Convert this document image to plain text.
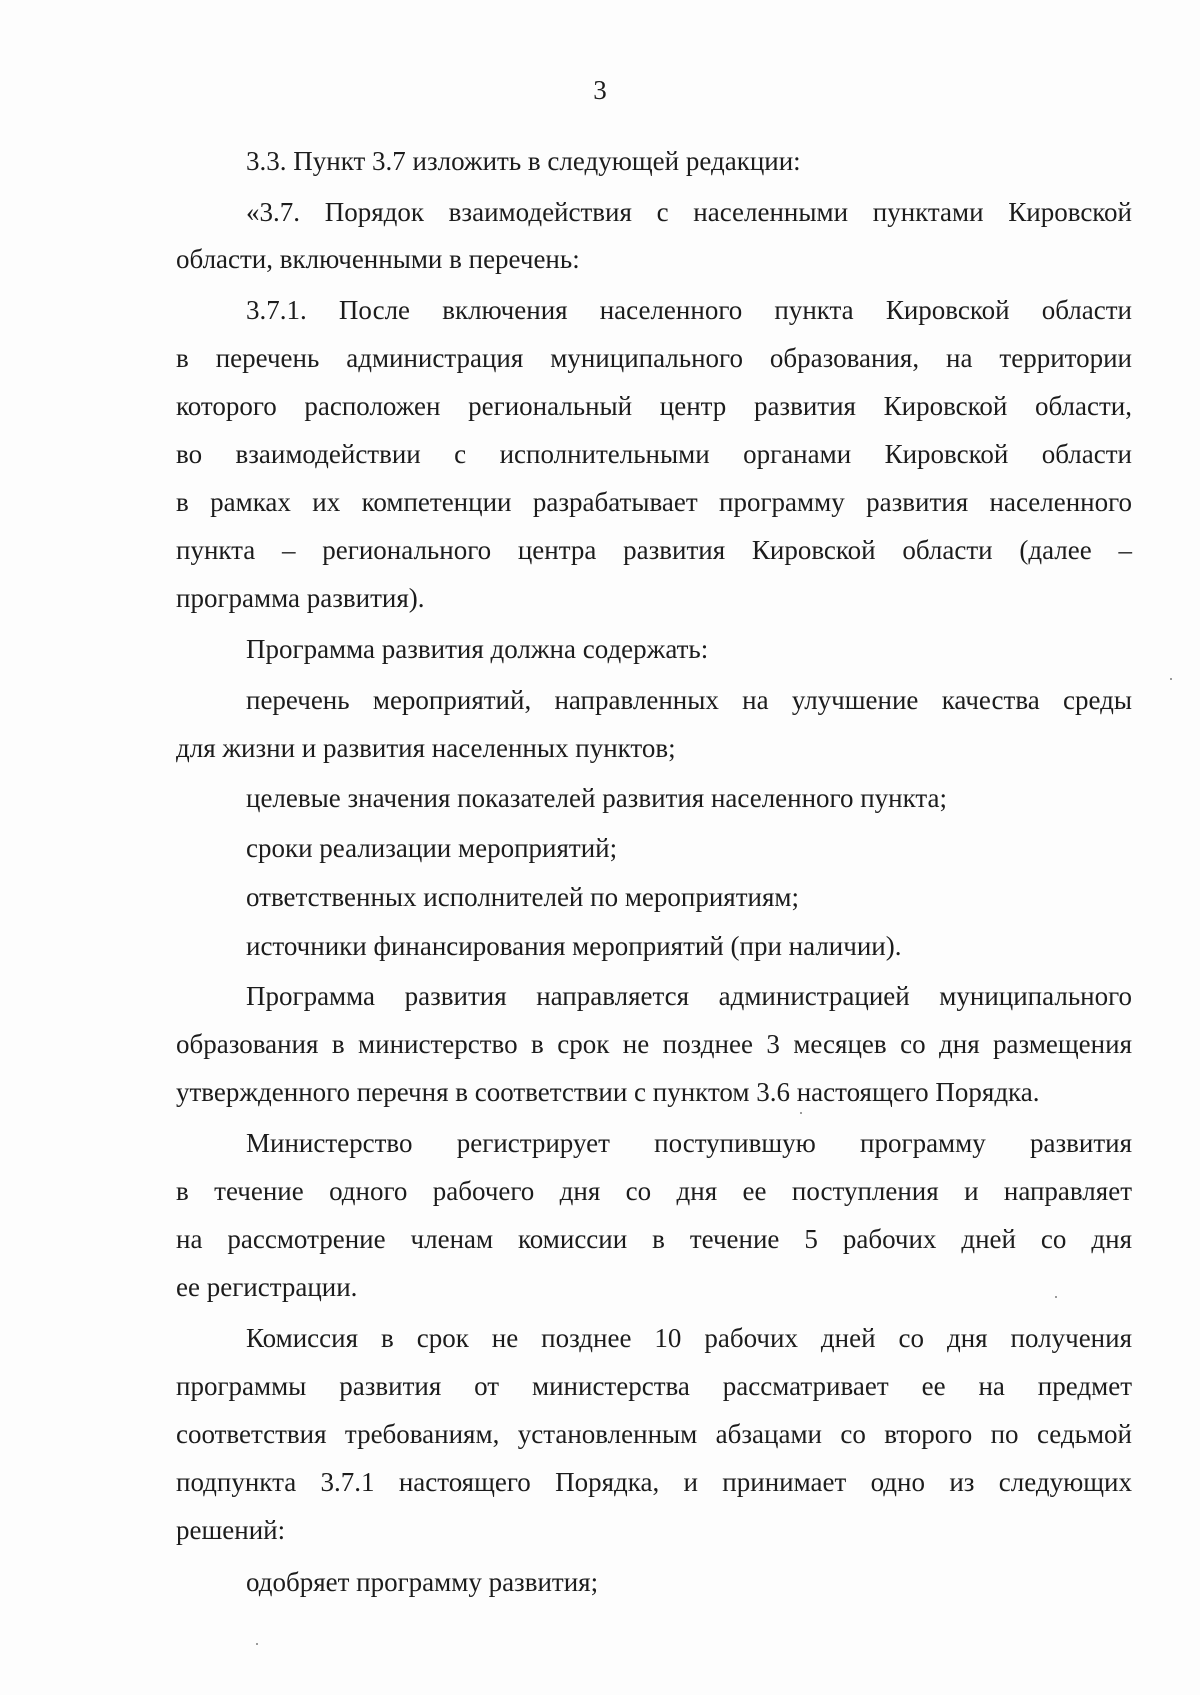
3
3.3. Пункт 3.7 изложить в следующей редакции:
«3.7. Порядок взаимодействия с населенными пунктами Кировской
области, включенными в перечень:
3.7.1. После включения населенного пункта Кировской области
в перечень администрация муниципального образования, на территории
которого расположен региональный центр развития Кировской области,
во взаимодействии с исполнительными органами Кировской области
в рамках их компетенции разрабатывает программу развития населенного
пункта – регионального центра развития Кировской области (далее –
программа развития).
Программа развития должна содержать:
перечень мероприятий, направленных на улучшение качества среды
для жизни и развития населенных пунктов;
целевые значения показателей развития населенного пункта;
сроки реализации мероприятий;
ответственных исполнителей по мероприятиям;
источники финансирования мероприятий (при наличии).
Программа развития направляется администрацией муниципального
образования в министерство в срок не позднее 3 месяцев со дня размещения
утвержденного перечня в соответствии с пунктом 3.6 настоящего Порядка.
Министерство регистрирует поступившую программу развития
в течение одного рабочего дня со дня ее поступления и направляет
на рассмотрение членам комиссии в течение 5 рабочих дней со дня
ее регистрации.
Комиссия в срок не позднее 10 рабочих дней со дня получения
программы развития от министерства рассматривает ее на предмет
соответствия требованиям, установленным абзацами со второго по седьмой
подпункта 3.7.1 настоящего Порядка, и принимает одно из следующих
решений:
одобряет программу развития;
